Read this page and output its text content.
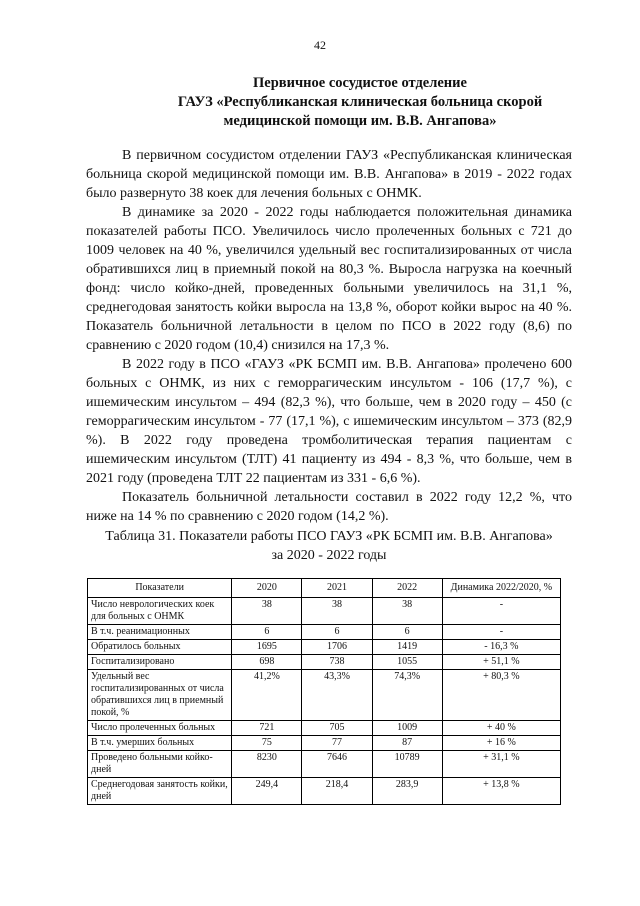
42
Первичное сосудистое отделение
ГАУЗ «Республиканская клиническая больница скорой
медицинской помощи им. В.В. Ангапова»

В первичном сосудистом отделении ГАУЗ «Республиканская клиническая больница скорой медицинской помощи им. В.В. Ангапова» в 2019 - 2022 годах было развернуто 38 коек для лечения больных с ОНМК.

В динамике за 2020 - 2022 годы наблюдается положительная динамика показателей работы ПСО. Увеличилось число пролеченных больных с 721 до 1009 человек на 40 %, увеличился удельный вес госпитализированных от числа обратившихся лиц в приемный покой на 80,3 %. Выросла нагрузка на коечный фонд: число койко-дней, проведенных больными увеличилось на 31,1 %, среднегодовая занятость койки выросла на 13,8 %, оборот койки вырос на 40 %. Показатель больничной летальности в целом по ПСО в 2022 году (8,6) по сравнению с 2020 годом (10,4) снизился на 17,3 %.

В 2022 году в ПСО «ГАУЗ «РК БСМП им. В.В. Ангапова» пролечено 600 больных с ОНМК, из них с геморрагическим инсультом - 106 (17,7 %), с ишемическим инсультом – 494 (82,3 %), что больше, чем в 2020 году – 450 (с геморрагическим инсультом - 77 (17,1 %), с ишемическим инсультом – 373 (82,9 %). В 2022 году проведена тромболитическая терапия пациентам с ишемическим инсультом (ТЛТ) 41 пациенту из 494 - 8,3 %, что больше, чем в 2021 году (проведена ТЛТ 22 пациентам из 331 - 6,6 %).

Показатель больничной летальности составил в 2022 году 12,2 %, что ниже на 14 % по сравнению с 2020 годом (14,2 %).

Таблица 31. Показатели работы ПСО ГАУЗ «РК БСМП им. В.В. Ангапова»
за 2020 - 2022 годы
Показатели	2020	2021	2022	Динамика 2022/2020, %
Число неврологических коек для больных с ОНМК	38	38	38	-
В т.ч. реанимационных	6	6	6	-
Обратилось больных	1695	1706	1419	- 16,3 %
Госпитализировано	698	738	1055	+ 51,1 %
Удельный вес госпитализированных от числа обратившихся лиц в приемный покой, %	41,2%	43,3%	74,3%	+ 80,3 %
Число пролеченных больных	721	705	1009	+ 40 %
В т.ч. умерших больных	75	77	87	+ 16 %
Проведено больными койко-дней	8230	7646	10789	+ 31,1 %
Среднегодовая занятость койки, дней	249,4	218,4	283,9	+ 13,8 %
